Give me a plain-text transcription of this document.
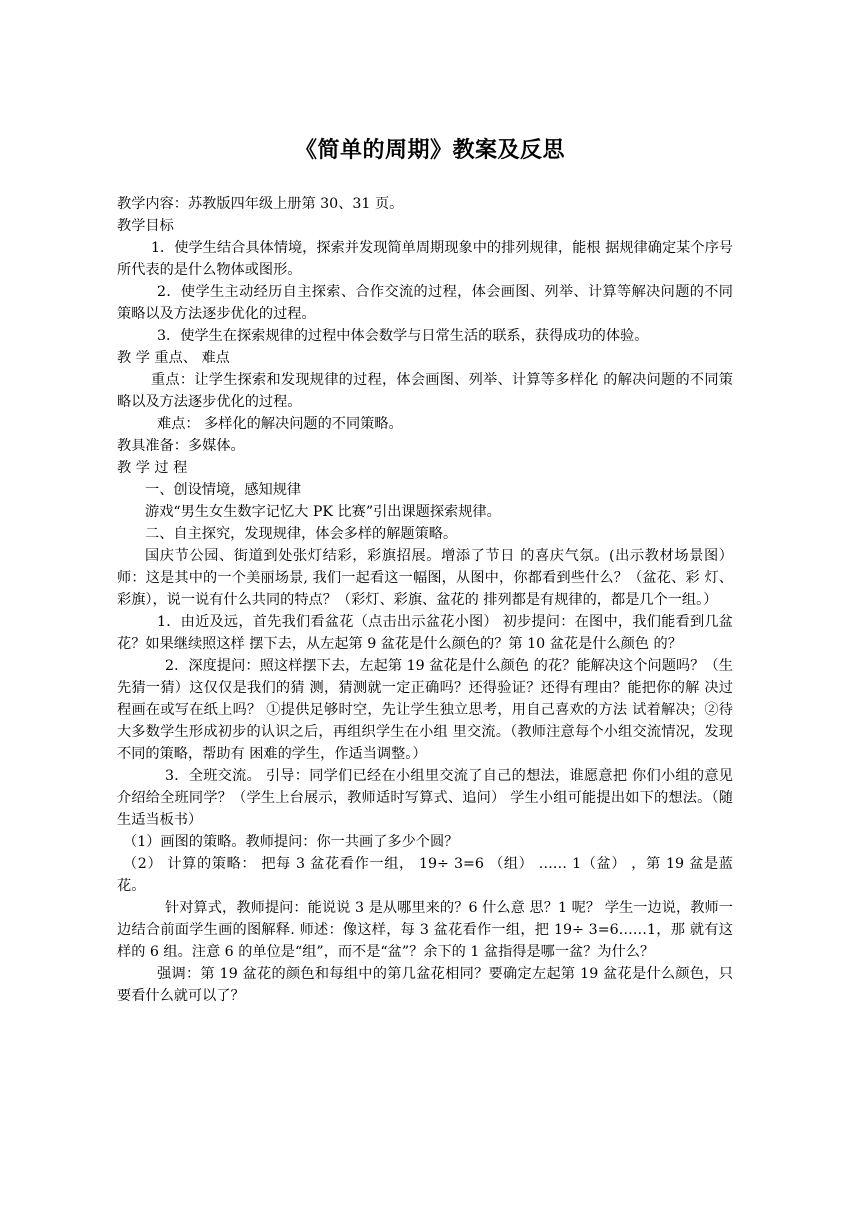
《简单的周期》教案及反思

教学内容：苏教版四年级上册第 30、31 页。

教学目标

1．使学生结合具体情境，探索并发现简单周期现象中的排列规律，能根 据规律确定某个序号所代表的是什么物体或图形。

2．使学生主动经历自主探索、合作交流的过程，体会画图、列举、计算等解决问题的不同策略以及方法逐步优化的过程。

3．使学生在探索规律的过程中体会数学与日常生活的联系，获得成功的体验。

教 学 重点、 难点

重点：让学生探索和发现规律的过程，体会画图、列举、计算等多样化 的解决问题的不同策略以及方法逐步优化的过程。

难点： 多样化的解决问题的不同策略。

教具准备：多媒体。

教 学 过 程

一、创设情境，感知规律

游戏“男生女生数字记忆大 PK 比赛”引出课题探索规律。

二、自主探究，发现规律，体会多样的解题策略。

国庆节公园、街道到处张灯结彩，彩旗招展。增添了节日 的喜庆气氛。(出示教材场景图）师：这是其中的一个美丽场景, 我们一起看这一幅图，从图中，你都看到些什么？（盆花、彩 灯、彩旗），说一说有什么共同的特点？（彩灯、彩旗、盆花的 排列都是有规律的，都是几个一组。）

1．由近及远，首先我们看盆花（点击出示盆花小图） 初步提问：在图中，我们能看到几盆花？如果继续照这样 摆下去，从左起第 9 盆花是什么颜色的？第 10 盆花是什么颜色 的？

2．深度提问：照这样摆下去，左起第 19 盆花是什么颜色 的花？能解决这个问题吗？（生先猜一猜）这仅仅是我们的猜 测，猜测就一定正确吗？还得验证？还得有理由？能把你的解 决过程画在或写在纸上吗？ ①提供足够时空，先让学生独立思考，用自己喜欢的方法 试着解决；②待大多数学生形成初步的认识之后，再组织学生在小组 里交流。（教师注意每个小组交流情况，发现不同的策略，帮助有 困难的学生，作适当调整。）

3．全班交流。 引导：同学们已经在小组里交流了自己的想法，谁愿意把 你们小组的意见介绍给全班同学？（学生上台展示，教师适时写算式、追问） 学生小组可能提出如下的想法。（随生适当板书）

（1）画图的策略。教师提问：你一共画了多少个圆？

（2） 计算的策略： 把每 3 盆花看作一组， 19÷ 3=6 （组） …… 1（盆） ，第 19 盆是蓝花。

针对算式，教师提问：能说说 3 是从哪里来的？6 什么意 思？1 呢？ 学生一边说，教师一边结合前面学生画的图解释. 师述：像这样，每 3 盆花看作一组，把 19÷ 3=6……1，那 就有这样的 6 组。注意 6 的单位是“组”，而不是“盆”？余下的 1 盆指得是哪一盆？为什么？

强调：第 19 盆花的颜色和每组中的第几盆花相同？要确定左起第 19 盆花是什么颜色，只要看什么就可以了？
